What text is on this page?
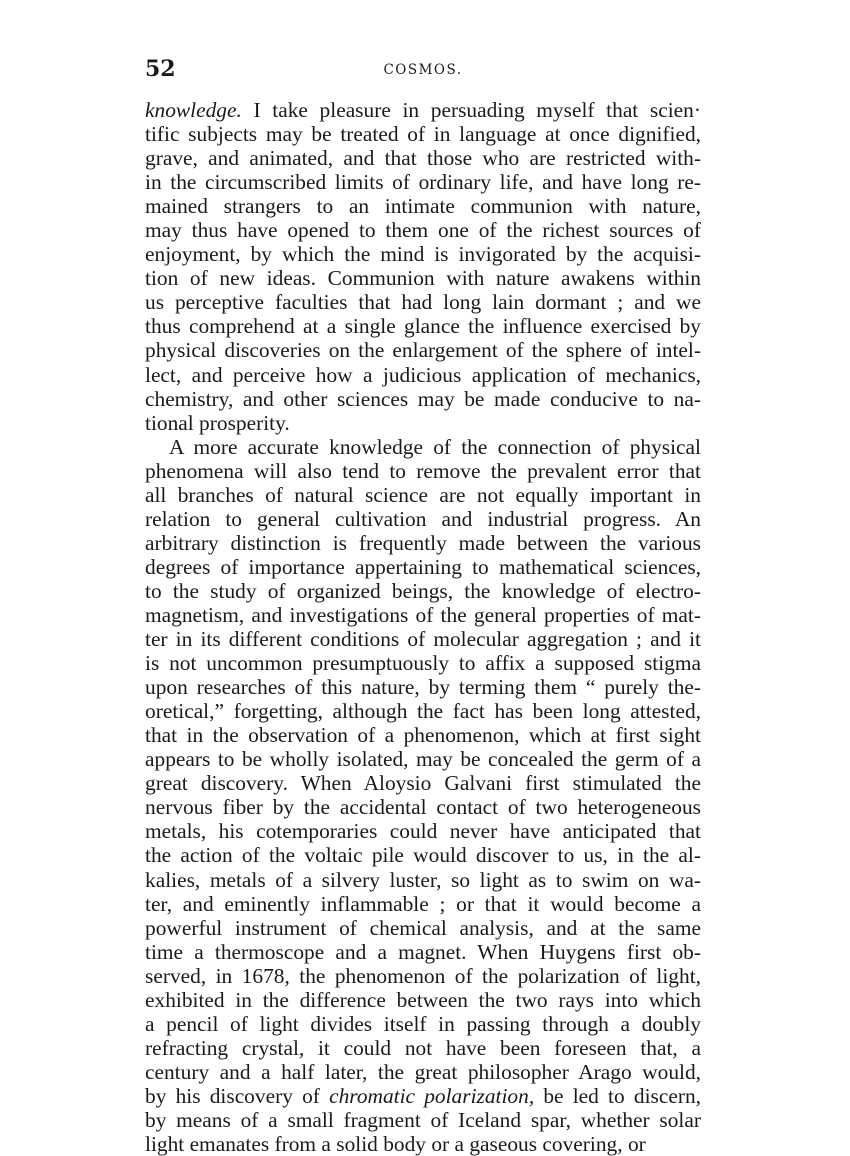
52	COSMOS.
knowledge. I take pleasure in persuading myself that scien·
tific subjects may be treated of in language at once dignified,
grave, and animated, and that those who are restricted with-
in the circumscribed limits of ordinary life, and have long re-
mained strangers to an intimate communion with nature,
may thus have opened to them one of the richest sources of
enjoyment, by which the mind is invigorated by the acquisi-
tion of new ideas. Communion with nature awakens within
us perceptive faculties that had long lain dormant ; and we
thus comprehend at a single glance the influence exercised by
physical discoveries on the enlargement of the sphere of intel-
lect, and perceive how a judicious application of mechanics,
chemistry, and other sciences may be made conducive to na-
tional prosperity.
A more accurate knowledge of the connection of physical
phenomena will also tend to remove the prevalent error that
all branches of natural science are not equally important in
relation to general cultivation and industrial progress. An
arbitrary distinction is frequently made between the various
degrees of importance appertaining to mathematical sciences,
to the study of organized beings, the knowledge of electro-
magnetism, and investigations of the general properties of mat-
ter in its different conditions of molecular aggregation ; and it
is not uncommon presumptuously to affix a supposed stigma
upon researches of this nature, by terming them “ purely the-
oretical,” forgetting, although the fact has been long attested,
that in the observation of a phenomenon, which at first sight
appears to be wholly isolated, may be concealed the germ of a
great discovery. When Aloysio Galvani first stimulated the
nervous fiber by the accidental contact of two heterogeneous
metals, his cotemporaries could never have anticipated that
the action of the voltaic pile would discover to us, in the al-
kalies, metals of a silvery luster, so light as to swim on wa-
ter, and eminently inflammable ; or that it would become a
powerful instrument of chemical analysis, and at the same
time a thermoscope and a magnet. When Huygens first ob-
served, in 1678, the phenomenon of the polarization of light,
exhibited in the difference between the two rays into which
a pencil of light divides itself in passing through a doubly
refracting crystal, it could not have been foreseen that, a
century and a half later, the great philosopher Arago would,
by his discovery of chromatic polarization, be led to discern,
by means of a small fragment of Iceland spar, whether solar
light emanates from a solid body or a gaseous covering, or
